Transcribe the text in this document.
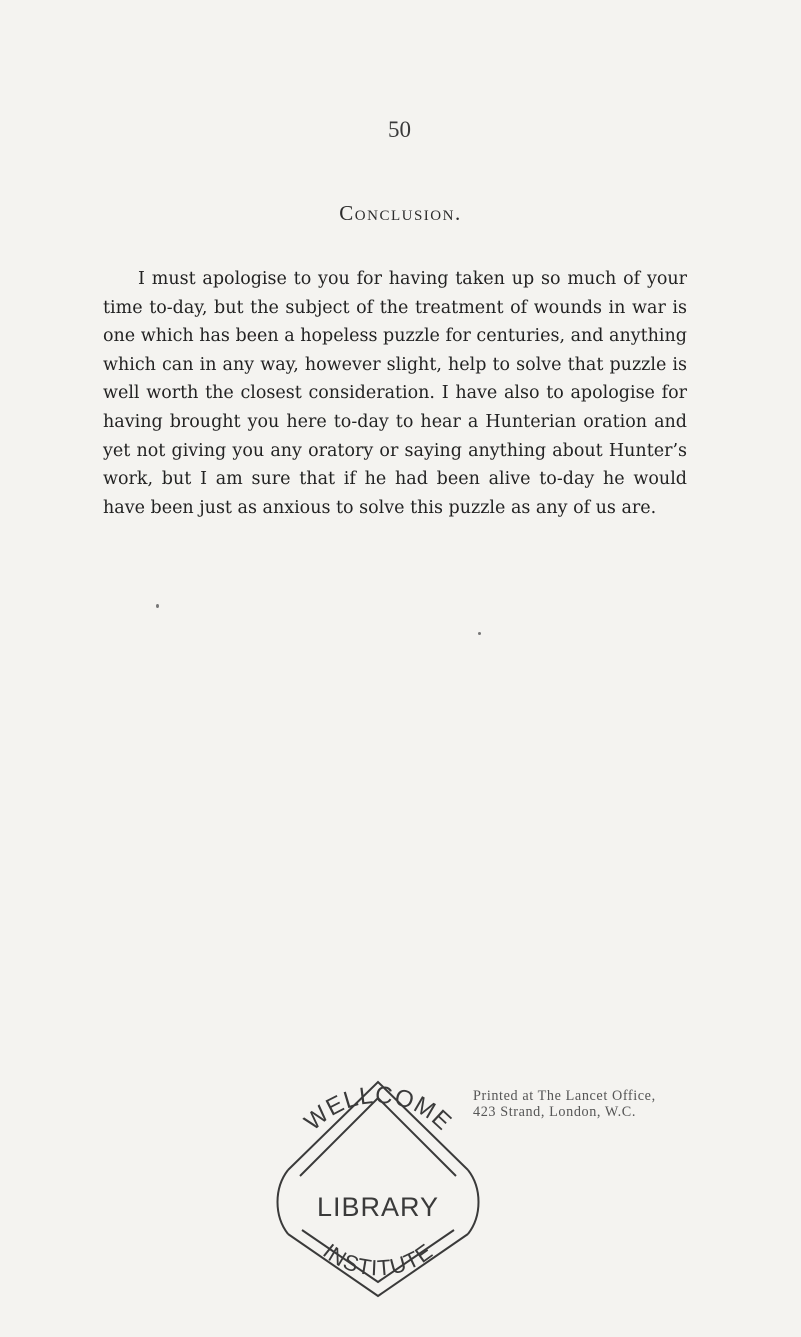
50
Conclusion.

I must apologise to you for having taken up so much of your time to-day, but the subject of the treatment of wounds in war is one which has been a hopeless puzzle for centuries, and anything which can in any way, however slight, help to solve that puzzle is well worth the closest consideration. I have also to apologise for having brought you here to-day to hear a Hunterian oration and yet not giving you any oratory or saying anything about Hunter’s work, but I am sure that if he had been alive to-day he would have been just as anxious to solve this puzzle as any of us are.

WELLCOME
LIBRARY
INSTITUTE
Printed at The Lancet Office,
423 Strand, London, W.C.
